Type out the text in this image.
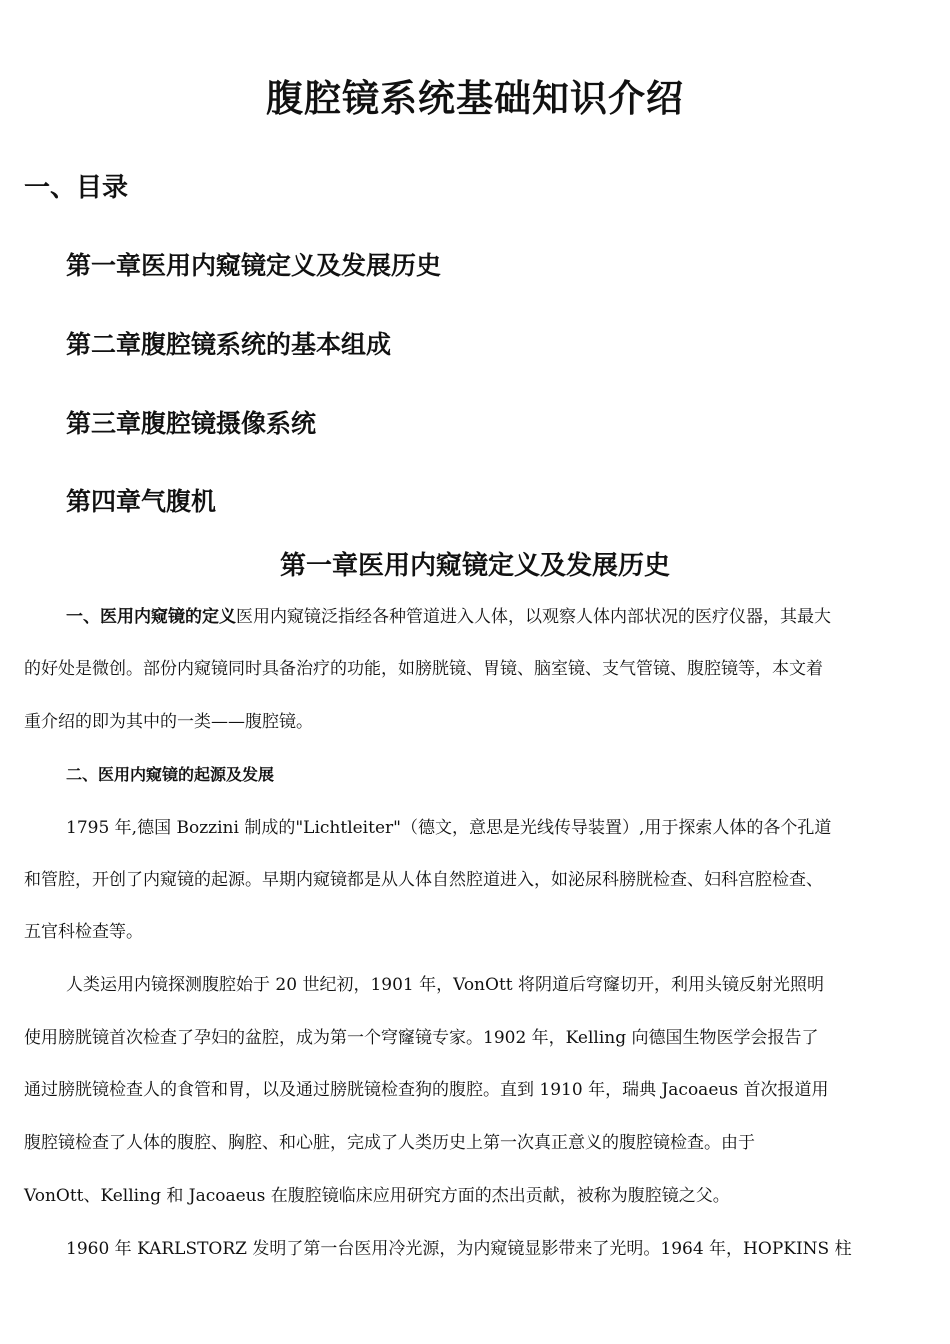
腹腔镜系统基础知识介绍
一、目录

第一章医用内窥镜定义及发展历史

第二章腹腔镜系统的基本组成

第三章腹腔镜摄像系统

第四章气腹机

第一章医用内窥镜定义及发展历史

一、医用内窥镜的定义医用内窥镜泛指经各种管道进入人体，以观察人体内部状况的医疗仪器，其最大

的好处是微创。部份内窥镜同时具备治疗的功能，如膀胱镜、胃镜、脑室镜、支气管镜、腹腔镜等，本文着

重介绍的即为其中的一类——腹腔镜。

二、医用内窥镜的起源及发展

1795 年,德国 Bozzini 制成的"Lichtleiter"（德文，意思是光线传导装置）,用于探索人体的各个孔道

和管腔，开创了内窥镜的起源。早期内窥镜都是从人体自然腔道进入，如泌尿科膀胱检查、妇科宫腔检查、

五官科检查等。

人类运用内镜探测腹腔始于 20 世纪初，1901 年，VonOtt 将阴道后穹窿切开，利用头镜反射光照明

使用膀胱镜首次检查了孕妇的盆腔，成为第一个穹窿镜专家。1902 年，Kelling 向德国生物医学会报告了

通过膀胱镜检查人的食管和胃，以及通过膀胱镜检查狗的腹腔。直到 1910 年，瑞典 Jacoaeus 首次报道用

腹腔镜检查了人体的腹腔、胸腔、和心脏，完成了人类历史上第一次真正意义的腹腔镜检查。由于

VonOtt、Kelling 和 Jacoaeus 在腹腔镜临床应用研究方面的杰出贡献，被称为腹腔镜之父。

1960 年 KARLSTORZ 发明了第一台医用冷光源，为内窥镜显影带来了光明。1964 年，HOPKINS 柱
